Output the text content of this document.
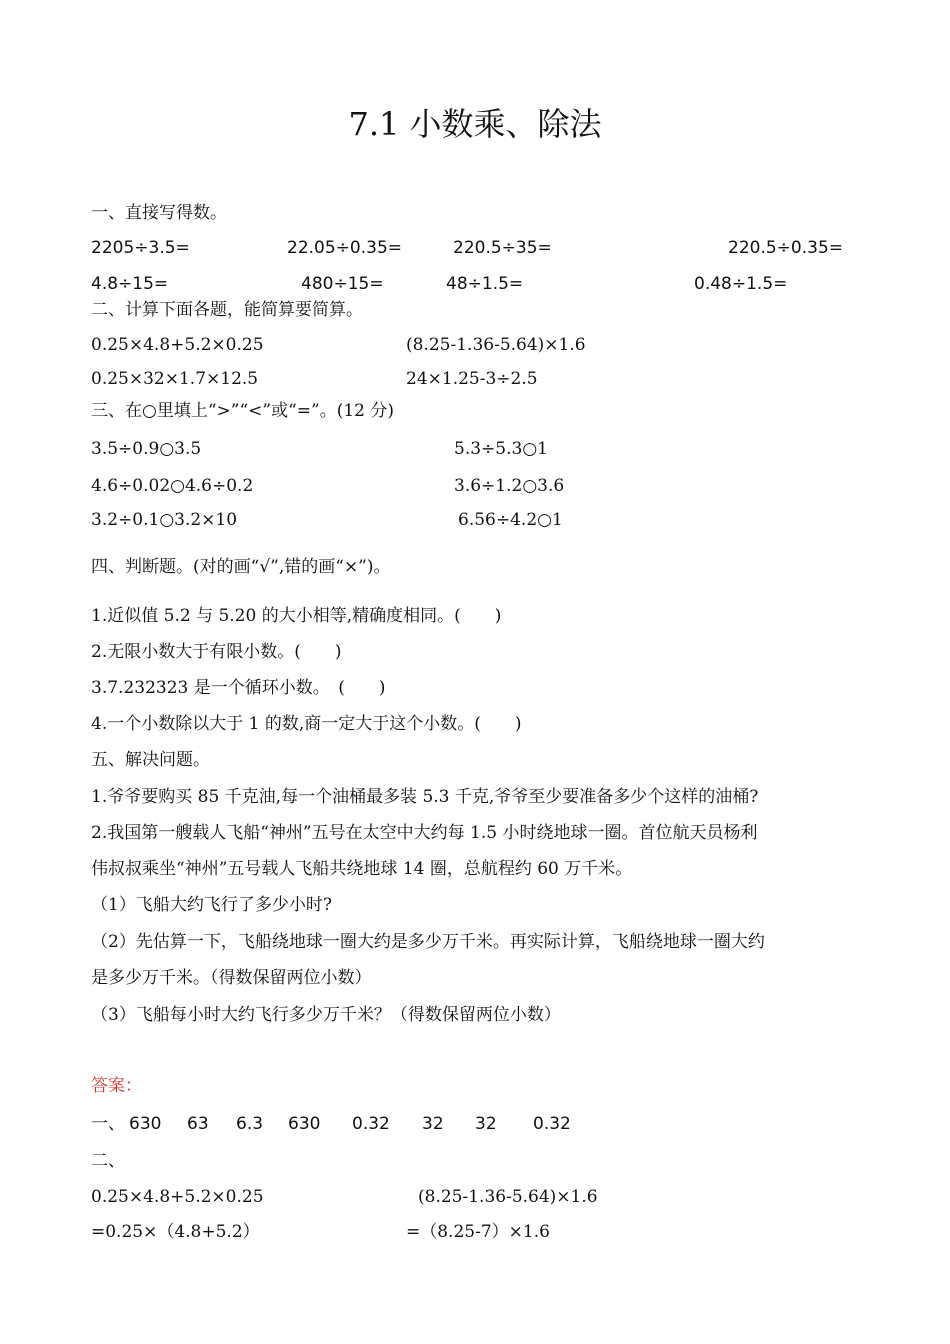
7.1 小数乘、除法
一、直接写得数。
2205÷3.5=	22.05÷0.35=	220.5÷35=	220.5÷0.35=
4.8÷15=	480÷15=	48÷1.5=	0.48÷1.5=
二、计算下面各题，能简算要简算。
0.25×4.8+5.2×0.25	(8.25-1.36-5.64)×1.6
0.25×32×1.7×12.5	24×1.25-3÷2.5
三、在○里填上“>”“<”或“=”。(12 分)
3.5÷0.9○3.5	5.3÷5.3○1
4.6÷0.02○4.6÷0.2	3.6÷1.2○3.6
3.2÷0.1○3.2×10	6.56÷4.2○1
四、判断题。(对的画“√”,错的画“×”)。
1.近似值 5.2 与 5.20 的大小相等,精确度相同。(　　)
2.无限小数大于有限小数。(　　)
3.7.232323 是一个循环小数。　(　　)
4.一个小数除以大于 1 的数,商一定大于这个小数。(　　)
五、解决问题。
1.爷爷要购买 85 千克油,每一个油桶最多装 5.3 千克,爷爷至少要准备多少个这样的油桶?
2.我国第一艘载人飞船“神州”五号在太空中大约每 1.5 小时绕地球一圈。首位航天员杨利
伟叔叔乘坐“神州”五号载人飞船共绕地球 14 圈，总航程约 60 万千米。
（1）飞船大约飞行了多少小时?
（2）先估算一下，飞船绕地球一圈大约是多少万千米。再实际计算，飞船绕地球一圈大约
是多少万千米。（得数保留两位小数）
（3）飞船每小时大约飞行多少万千米？（得数保留两位小数）
答案：
一、 630 63 6.3 630 0.32 32 32 0.32
二、
0.25×4.8+5.2×0.25	(8.25-1.36-5.64)×1.6
=0.25×（4.8+5.2）	=（8.25-7）×1.6
